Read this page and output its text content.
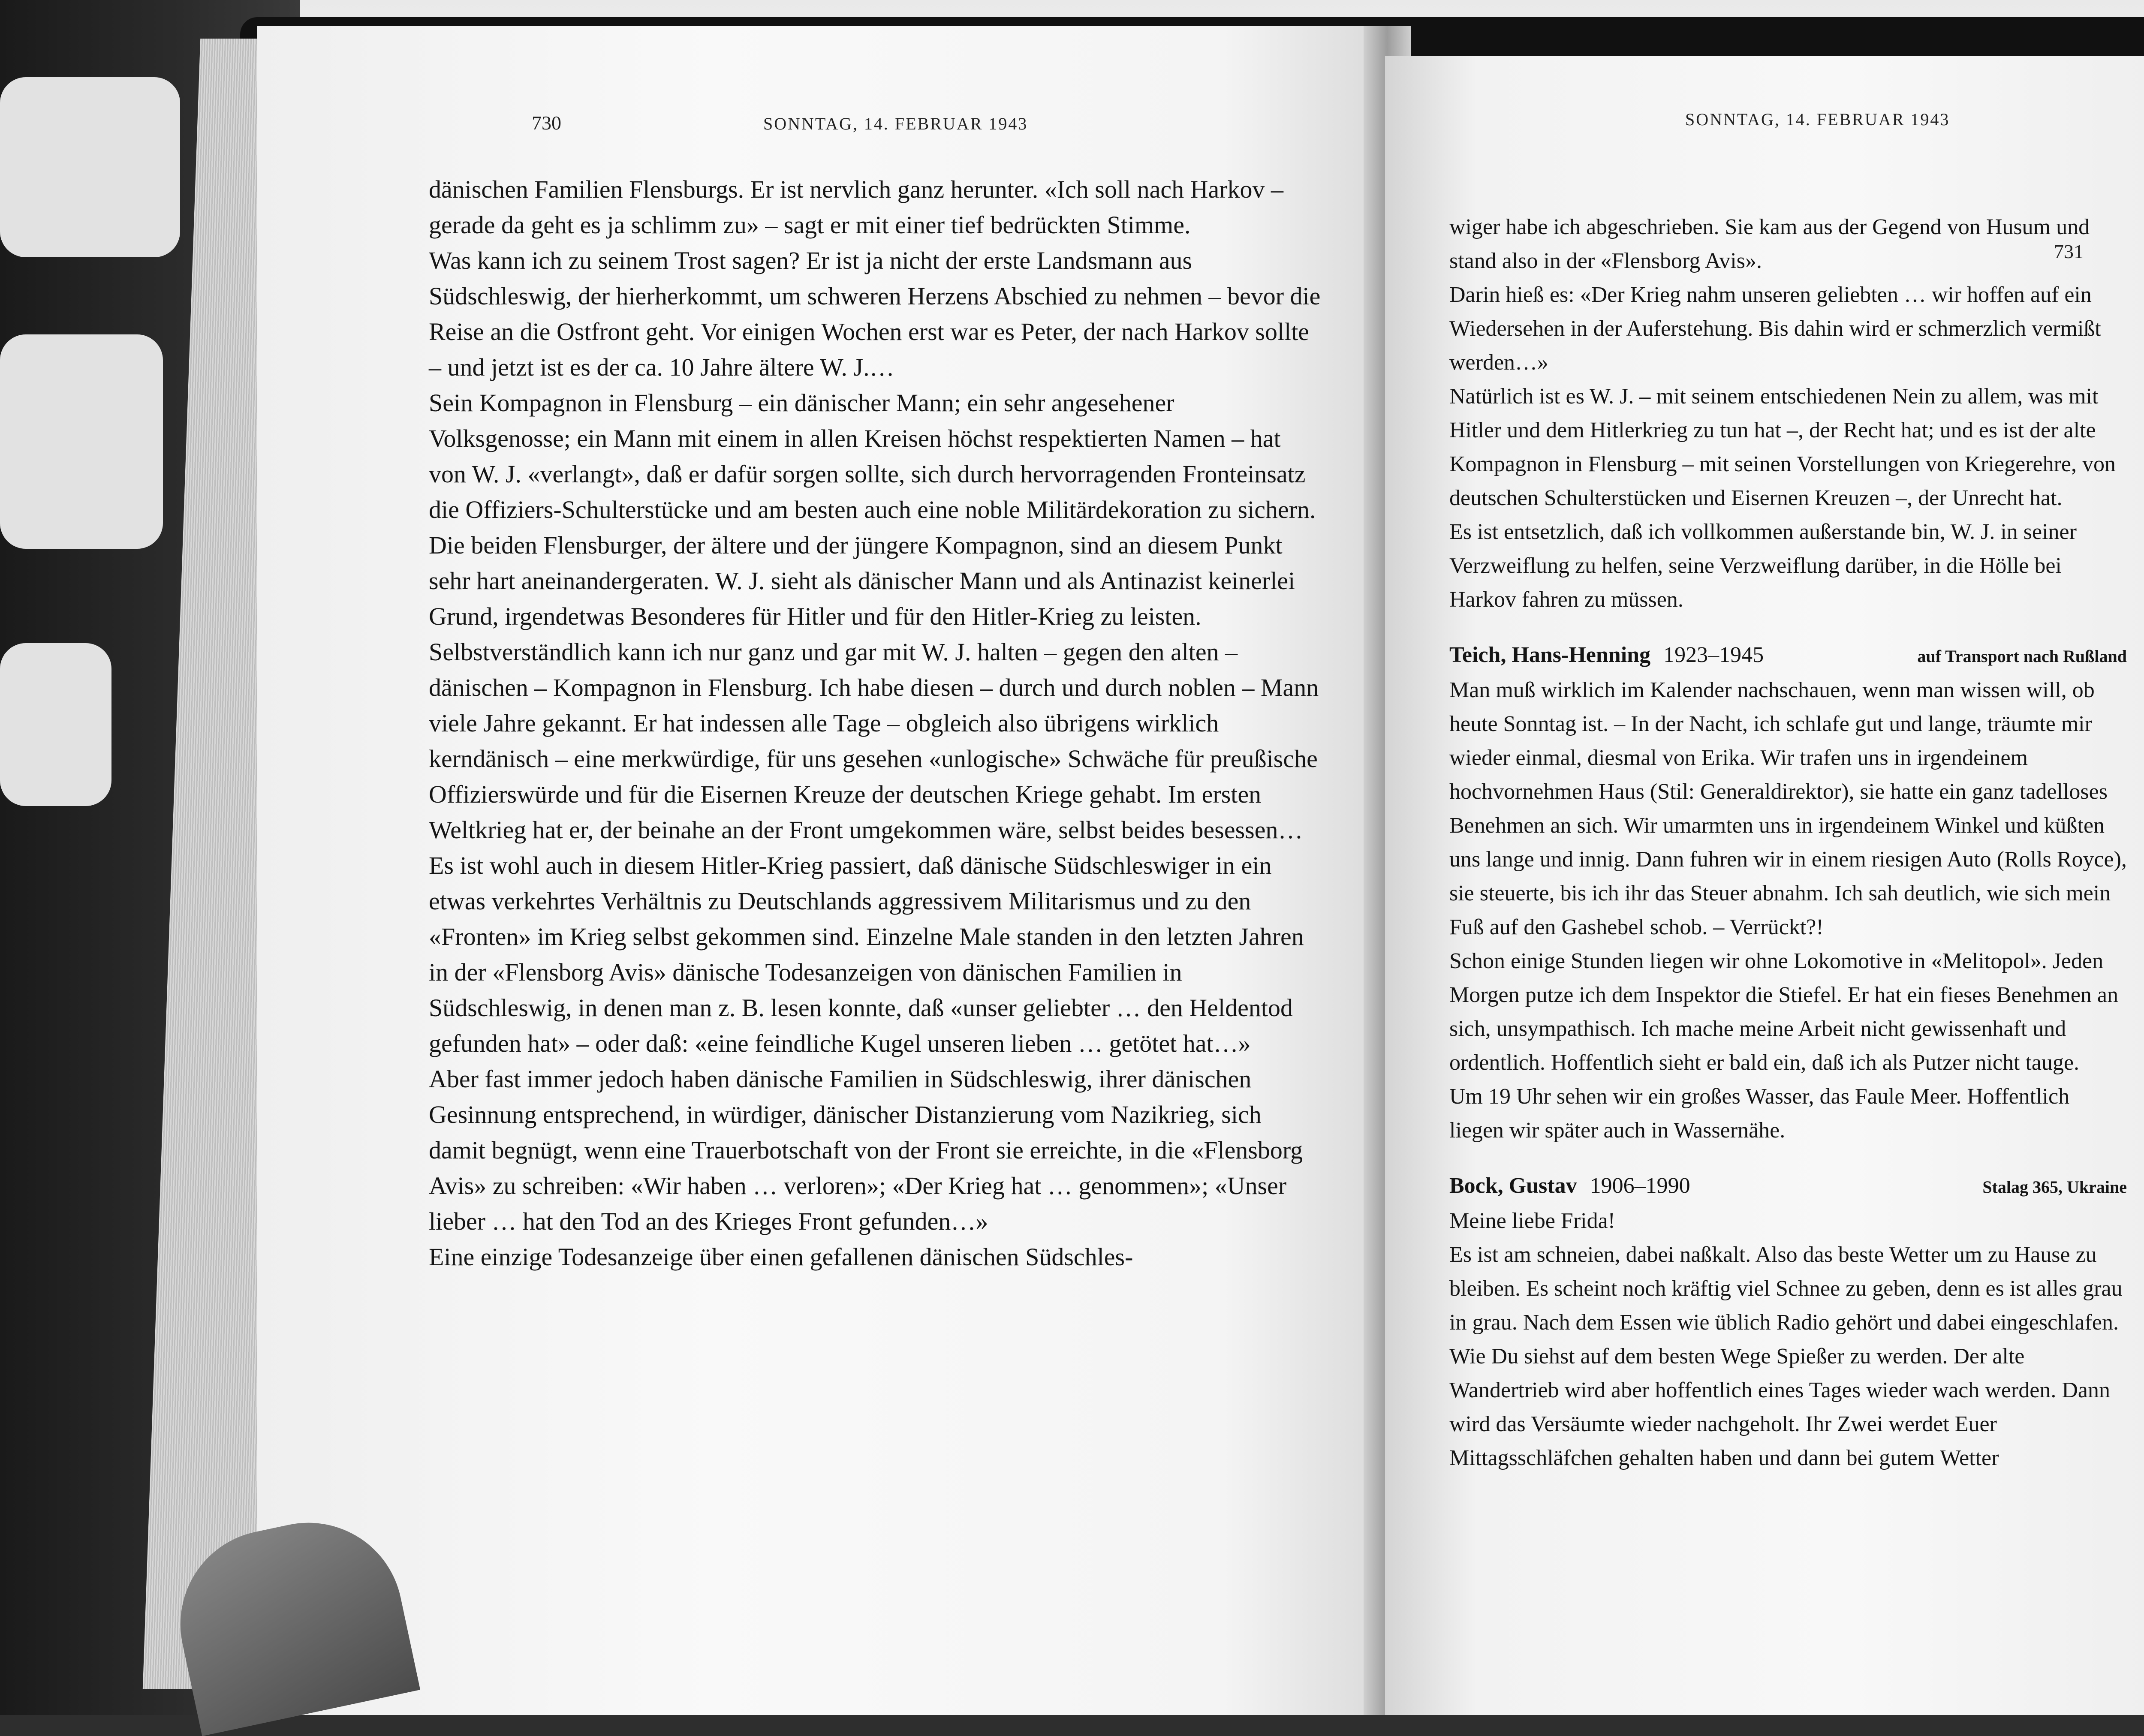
730	SONNTAG, 14. FEBRUAR 1943

dänischen Familien Flensburgs. Er ist nervlich ganz herunter. «Ich soll nach Harkov – gerade da geht es ja schlimm zu» – sagt er mit einer tief bedrückten Stimme.

Was kann ich zu seinem Trost sagen? Er ist ja nicht der erste Landsmann aus Südschleswig, der hierherkommt, um schweren Herzens Abschied zu nehmen – bevor die Reise an die Ostfront geht. Vor einigen Wochen erst war es Peter, der nach Harkov sollte – und jetzt ist es der ca. 10 Jahre ältere W. J.…

Sein Kompagnon in Flensburg – ein dänischer Mann; ein sehr angesehener Volksgenosse; ein Mann mit einem in allen Kreisen höchst respektierten Namen – hat von W. J. «verlangt», daß er dafür sorgen sollte, sich durch hervorragenden Fronteinsatz die Offiziers-Schulterstücke und am besten auch eine noble Militärdekoration zu sichern. Die beiden Flensburger, der ältere und der jüngere Kompagnon, sind an diesem Punkt sehr hart aneinandergeraten. W. J. sieht als dänischer Mann und als Antinazist keinerlei Grund, irgendetwas Besonderes für Hitler und für den Hitler-Krieg zu leisten.

Selbstverständlich kann ich nur ganz und gar mit W. J. halten – gegen den alten – dänischen – Kompagnon in Flensburg. Ich habe diesen – durch und durch noblen – Mann viele Jahre gekannt. Er hat indessen alle Tage – obgleich also übrigens wirklich kerndänisch – eine merkwürdige, für uns gesehen «unlogische» Schwäche für preußische Offizierswürde und für die Eisernen Kreuze der deutschen Kriege gehabt. Im ersten Weltkrieg hat er, der beinahe an der Front umgekommen wäre, selbst beides besessen…

Es ist wohl auch in diesem Hitler-Krieg passiert, daß dänische Südschleswiger in ein etwas verkehrtes Verhältnis zu Deutschlands aggressivem Militarismus und zu den «Fronten» im Krieg selbst gekommen sind. Einzelne Male standen in den letzten Jahren in der «Flensborg Avis» dänische Todesanzeigen von dänischen Familien in Südschleswig, in denen man z. B. lesen konnte, daß «unser geliebter … den Heldentod gefunden hat» – oder daß: «eine feindliche Kugel unseren lieben … getötet hat…»

Aber fast immer jedoch haben dänische Familien in Südschleswig, ihrer dänischen Gesinnung entsprechend, in würdiger, dänischer Distanzierung vom Nazikrieg, sich damit begnügt, wenn eine Trauerbotschaft von der Front sie erreichte, in die «Flensborg Avis» zu schreiben: «Wir haben … verloren»; «Der Krieg hat … genommen»; «Unser lieber … hat den Tod an des Krieges Front gefunden…»

Eine einzige Todesanzeige über einen gefallenen dänischen Südschles-

SONNTAG, 14. FEBRUAR 1943
731

wiger habe ich abgeschrieben. Sie kam aus der Gegend von Husum und stand also in der «Flensborg Avis».

Darin hieß es: «Der Krieg nahm unseren geliebten … wir hoffen auf ein Wiedersehen in der Auferstehung. Bis dahin wird er schmerzlich vermißt werden…»

Natürlich ist es W. J. – mit seinem entschiedenen Nein zu allem, was mit Hitler und dem Hitlerkrieg zu tun hat –, der Recht hat; und es ist der alte Kompagnon in Flensburg – mit seinen Vorstellungen von Kriegerehre, von deutschen Schulterstücken und Eisernen Kreuzen –, der Unrecht hat.

Es ist entsetzlich, daß ich vollkommen außerstande bin, W. J. in seiner Verzweiflung zu helfen, seine Verzweiflung darüber, in die Hölle bei Harkov fahren zu müssen.

Teich, Hans-Henning 1923–1945	auf Transport nach Rußland

Man muß wirklich im Kalender nachschauen, wenn man wissen will, ob heute Sonntag ist. – In der Nacht, ich schlafe gut und lange, träumte mir wieder einmal, diesmal von Erika. Wir trafen uns in irgendeinem hochvornehmen Haus (Stil: Generaldirektor), sie hatte ein ganz tadelloses Benehmen an sich. Wir umarmten uns in irgendeinem Winkel und küßten uns lange und innig. Dann fuhren wir in einem riesigen Auto (Rolls Royce), sie steuerte, bis ich ihr das Steuer abnahm. Ich sah deutlich, wie sich mein Fuß auf den Gashebel schob. – Verrückt?!

Schon einige Stunden liegen wir ohne Lokomotive in «Melitopol». Jeden Morgen putze ich dem Inspektor die Stiefel. Er hat ein fieses Benehmen an sich, unsympathisch. Ich mache meine Arbeit nicht gewissenhaft und ordentlich. Hoffentlich sieht er bald ein, daß ich als Putzer nicht tauge.

Um 19 Uhr sehen wir ein großes Wasser, das Faule Meer. Hoffentlich liegen wir später auch in Wassernähe.

Bock, Gustav 1906–1990	Stalag 365, Ukraine

Meine liebe Frida!

Es ist am schneien, dabei naßkalt. Also das beste Wetter um zu Hause zu bleiben. Es scheint noch kräftig viel Schnee zu geben, denn es ist alles grau in grau. Nach dem Essen wie üblich Radio gehört und dabei eingeschlafen. Wie Du siehst auf dem besten Wege Spießer zu werden. Der alte Wandertrieb wird aber hoffentlich eines Tages wieder wach werden. Dann wird das Versäumte wieder nachgeholt. Ihr Zwei werdet Euer Mittagsschläfchen gehalten haben und dann bei gutem Wetter
